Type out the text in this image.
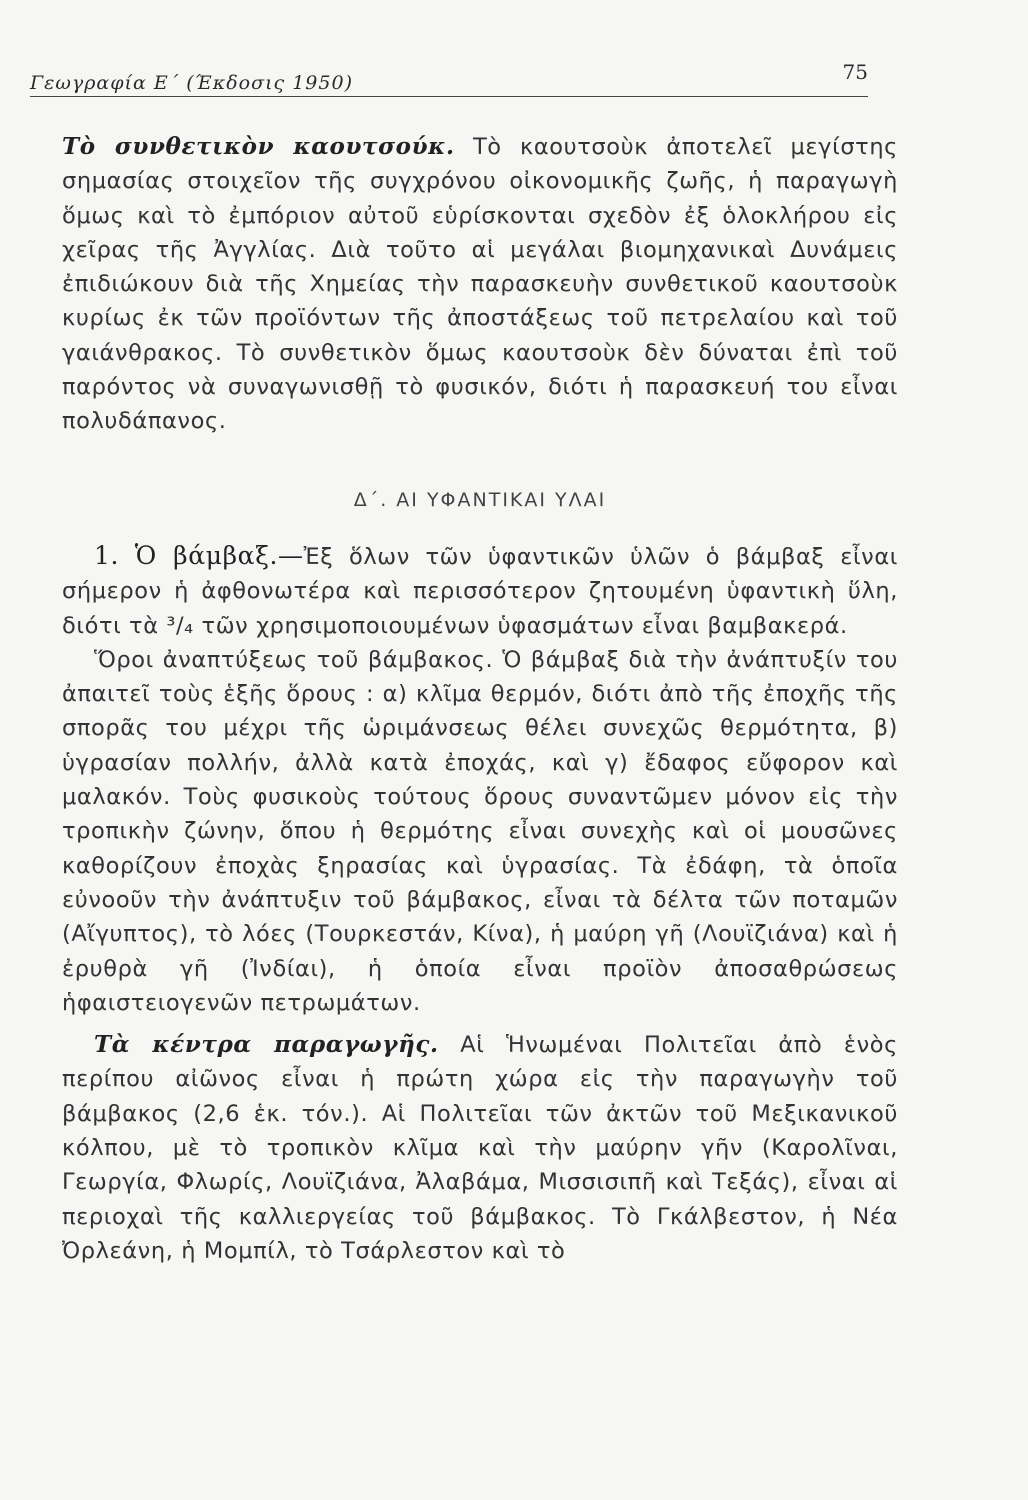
Γεωγραφία Ε΄ (Έκδοσις 1950)	75

Τὸ συνθετικὸν καουτσούκ. Τὸ καουτσοὺκ ἀποτελεῖ μεγίστης σημασίας στοιχεῖον τῆς συγχρόνου οἰκονομικῆς ζωῆς, ἡ παραγωγὴ ὅμως καὶ τὸ ἐμπόριον αὐτοῦ εὑρίσκονται σχεδὸν ἐξ ὁλοκλήρου εἰς χεῖρας τῆς Ἀγγλίας. Διὰ τοῦτο αἱ μεγάλαι βιομηχανικαὶ Δυνάμεις ἐπιδιώκουν διὰ τῆς Χημείας τὴν παρασκευὴν συνθετικοῦ καουτσοὺκ κυρίως ἐκ τῶν προϊόντων τῆς ἀποστάξεως τοῦ πετρελαίου καὶ τοῦ γαιάνθρακος. Τὸ συνθετικὸν ὅμως καουτσοὺκ δὲν δύναται ἐπὶ τοῦ παρόντος νὰ συναγωνισθῇ τὸ φυσικόν, διότι ἡ παρασκευή του εἶναι πολυδάπανος.

Δ΄. ΑΙ ΥΦΑΝΤΙΚΑΙ ΥΛΑΙ

1. Ὁ βάμβαξ.—Ἐξ ὅλων τῶν ὑφαντικῶν ὑλῶν ὁ βάμβαξ εἶναι σήμερον ἡ ἀφθονωτέρα καὶ περισσότερον ζητουμένη ὑφαντικὴ ὕλη, διότι τὰ ³/₄ τῶν χρησιμοποιουμένων ὑφασμάτων εἶναι βαμβακερά.

Ὅροι ἀναπτύξεως τοῦ βάμβακος. Ὁ βάμβαξ διὰ τὴν ἀνάπτυξίν του ἀπαιτεῖ τοὺς ἑξῆς ὅρους : α) κλῖμα θερμόν, διότι ἀπὸ τῆς ἐποχῆς τῆς σπορᾶς του μέχρι τῆς ὡριμάνσεως θέλει συνεχῶς θερμότητα, β) ὑγρασίαν πολλήν, ἀλλὰ κατὰ ἐποχάς, καὶ γ) ἔδαφος εὔφορον καὶ μαλακόν. Τοὺς φυσικοὺς τούτους ὅρους συναντῶμεν μόνον εἰς τὴν τροπικὴν ζώνην, ὅπου ἡ θερμότης εἶναι συνεχὴς καὶ οἱ μουσῶνες καθορίζουν ἐποχὰς ξηρασίας καὶ ὑγρασίας. Τὰ ἐδάφη, τὰ ὁποῖα εὐνοοῦν τὴν ἀνάπτυξιν τοῦ βάμβακος, εἶναι τὰ δέλτα τῶν ποταμῶν (Αἴγυπτος), τὸ λόες (Τουρκεστάν, Κίνα), ἡ μαύρη γῆ (Λουϊζιάνα) καὶ ἡ ἐρυθρὰ γῆ (Ἰνδίαι), ἡ ὁποία εἶναι προϊὸν ἀποσαθρώσεως ἡφαιστειογενῶν πετρωμάτων.

Τὰ κέντρα παραγωγῆς. Αἱ Ἡνωμέναι Πολιτεῖαι ἀπὸ ἑνὸς περίπου αἰῶνος εἶναι ἡ πρώτη χώρα εἰς τὴν παραγωγὴν τοῦ βάμβακος (2,6 ἑκ. τόν.). Αἱ Πολιτεῖαι τῶν ἀκτῶν τοῦ Μεξικανικοῦ κόλπου, μὲ τὸ τροπικὸν κλῖμα καὶ τὴν μαύρην γῆν (Καρολῖναι, Γεωργία, Φλωρίς, Λουϊζιάνα, Ἀλαβάμα, Μισσισιπῆ καὶ Τεξάς), εἶναι αἱ περιοχαὶ τῆς καλλιεργείας τοῦ βάμβακος. Τὸ Γκάλβεστον, ἡ Νέα Ὀρλεάνη, ἡ Μομπίλ, τὸ Τσάρλεστον καὶ τὸ
